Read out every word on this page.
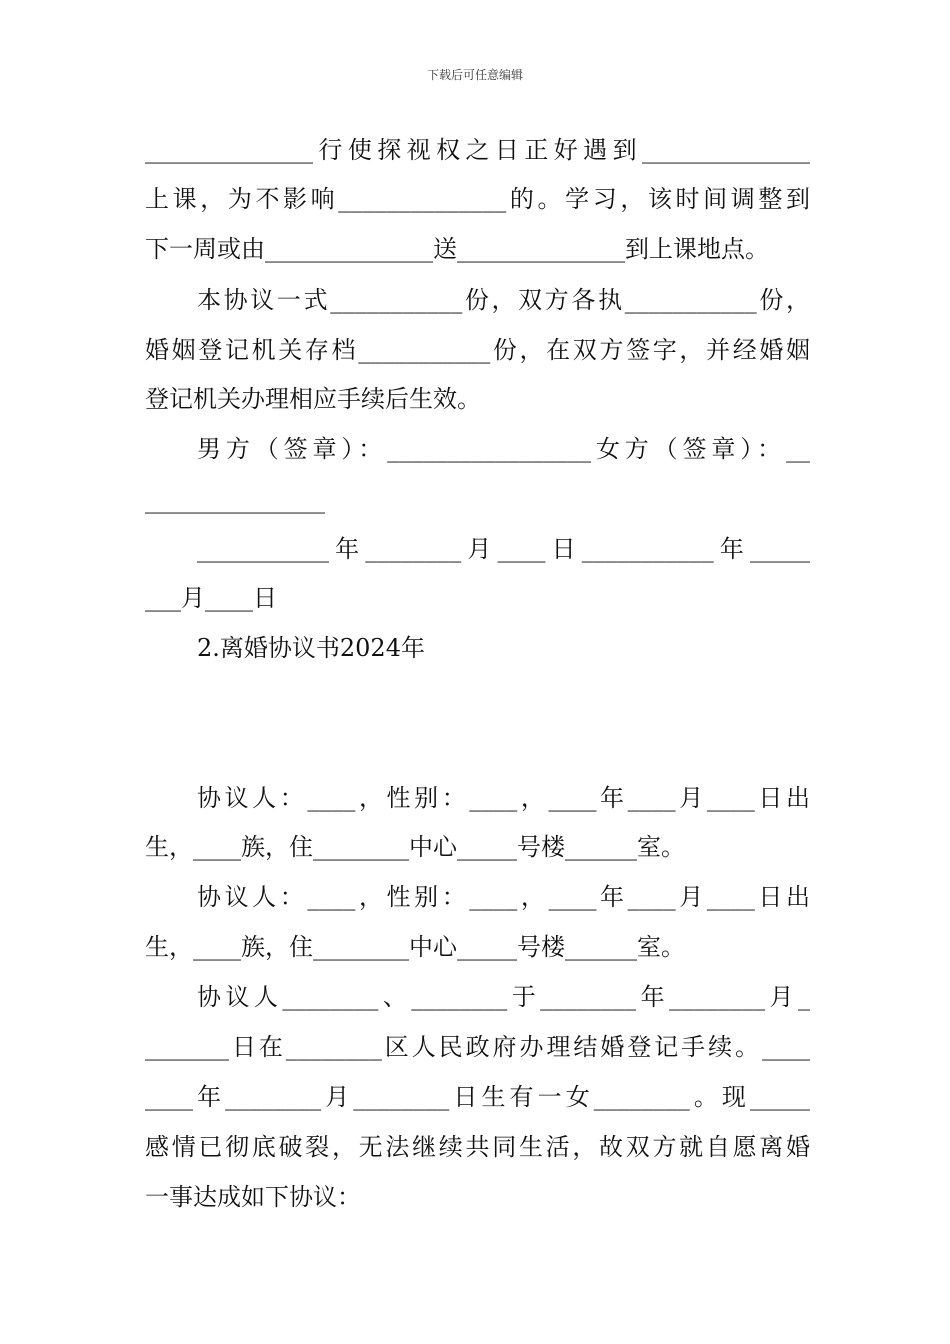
下载后可任意编辑
______________行使探视权之日正好遇到______________
上课，为不影响______________的。学习，该时间调整到
下一周或由______________送______________到上课地点。
本协议一式___________份，双方各执___________份，
婚姻登记机关存档___________份，在双方签字，并经婚姻
登记机关办理相应手续后生效。
男方（签章）：_________________女方（签章）：__
_______________
___________年________月____日___________年_____
___月____日
2.离婚协议书2024年
协议人：____，性别：____，____年____月____日出
生，____族，住________中心_____号楼______室。
协议人：____，性别：____，____年____月____日出
生，____族，住________中心_____号楼______室。
协议人________、________于________年________月_
_______日在________区人民政府办理结婚登记手续。____
____年________月________日生有一女________。现_____
感情已彻底破裂，无法继续共同生活，故双方就自愿离婚
一事达成如下协议：
